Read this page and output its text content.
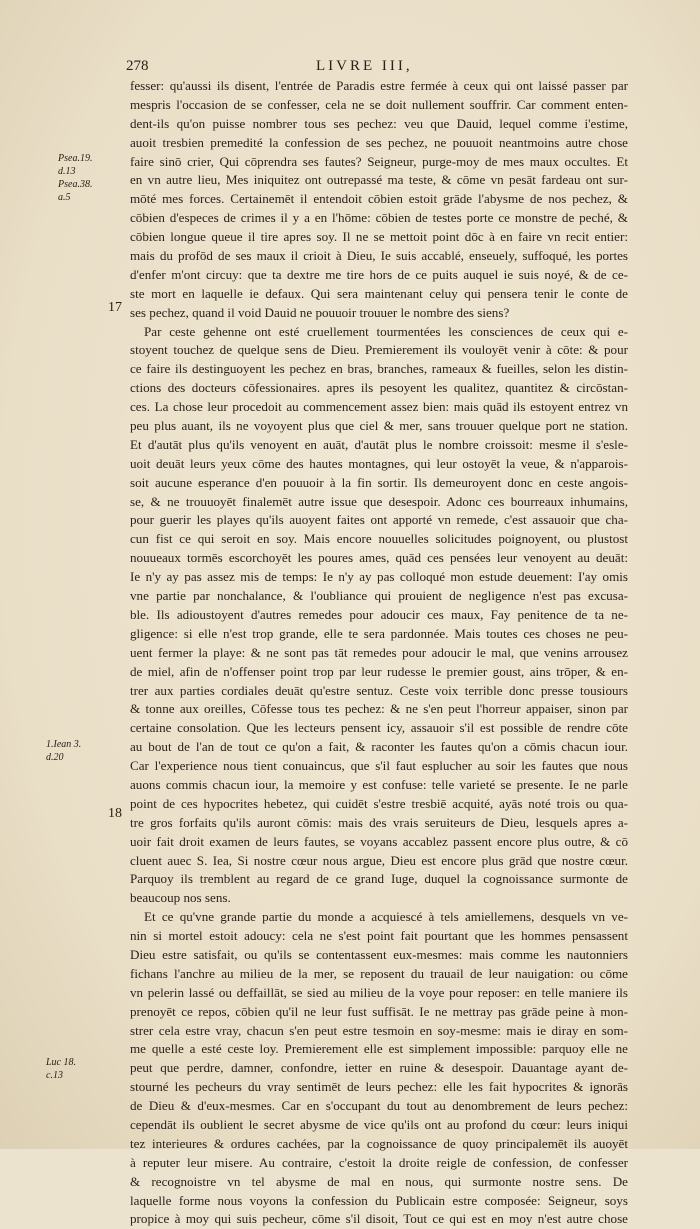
278	LIVRE III,
Psea.19.
d.13
Psea.38.
a.5
1.Iean 3.
d.20
Luc 18.
c.13
17
18
fesser: qu'aussi ils disent, l'entrée de Paradis estre fermée à ceux qui ont laissé passer par
mespris l'occasion de se confesser, cela ne se doit nullement souffrir. Car comment enten-
dent-ils qu'on puisse nombrer tous ses pechez: veu que Dauid, lequel comme i'estime,
auoit tresbien premedité la confession de ses pechez, ne pouuoit neantmoins autre chose
faire sinō crier, Qui cōprendra ses fautes? Seigneur, purge-moy de mes maux occultes. Et
en vn autre lieu, Mes iniquitez ont outrepassé ma teste, & cōme vn pesāt fardeau ont sur-
mōté mes forces. Certainemēt il entendoit cōbien estoit grāde l'abysme de nos pechez, &
cōbien d'especes de crimes il y a en l'hōme: cōbien de testes porte ce monstre de peché, &
cōbien longue queue il tire apres soy. Il ne se mettoit point dōc à en faire vn recit entier:
mais du profōd de ses maux il crioit à Dieu, Ie suis accablé, enseuely, suffoqué, les portes
d'enfer m'ont circuy: que ta dextre me tire hors de ce puits auquel ie suis noyé, & de ce-
ste mort en laquelle ie defaux. Qui sera maintenant celuy qui pensera tenir le conte de
ses pechez, quand il void Dauid ne pouuoir trouuer le nombre des siens?
Par ceste gehenne ont esté cruellement tourmentées les consciences de ceux qui e-
stoyent touchez de quelque sens de Dieu. Premierement ils vouloyēt venir à cōte: & pour
ce faire ils destinguoyent les pechez en bras, branches, rameaux & fueilles, selon les distin-
ctions des docteurs cōfessionaires. apres ils pesoyent les qualitez, quantitez & circōstan-
ces. La chose leur procedoit au commencement assez bien: mais quād ils estoyent entrez vn
peu plus auant, ils ne voyoyent plus que ciel & mer, sans trouuer quelque port ne station.
Et d'autāt plus qu'ils venoyent en auāt, d'autāt plus le nombre croissoit: mesme il s'esle-
uoit deuāt leurs yeux cōme des hautes montagnes, qui leur ostoyēt la veue, & n'apparois-
soit aucune esperance d'en pouuoir à la fin sortir. Ils demeuroyent donc en ceste angois-
se, & ne trouuoyēt finalemēt autre issue que desespoir. Adonc ces bourreaux inhumains,
pour guerir les playes qu'ils auoyent faites ont apporté vn remede, c'est assauoir que cha-
cun fist ce qui seroit en soy. Mais encore nouuelles solicitudes poignoyent, ou plustost
nouueaux tormēs escorchoyēt les poures ames, quād ces pensées leur venoyent au deuāt:
Ie n'y ay pas assez mis de temps: Ie n'y ay pas colloqué mon estude deuement: I'ay omis
vne partie par nonchalance, & l'oubliance qui prouient de negligence n'est pas excusa-
ble. Ils adioustoyent d'autres remedes pour adoucir ces maux, Fay penitence de ta ne-
gligence: si elle n'est trop grande, elle te sera pardonnée. Mais toutes ces choses ne peu-
uent fermer la playe: & ne sont pas tāt remedes pour adoucir le mal, que venins arrousez
de miel, afin de n'offenser point trop par leur rudesse le premier goust, ains trōper, & en-
trer aux parties cordiales deuāt qu'estre sentuz. Ceste voix terrible donc presse tousiours
& tonne aux oreilles, Cōfesse tous tes pechez: & ne s'en peut l'horreur appaiser, sinon par
certaine consolation. Que les lecteurs pensent icy, assauoir s'il est possible de rendre cōte
au bout de l'an de tout ce qu'on a fait, & raconter les fautes qu'on a cōmis chacun iour.
Car l'experience nous tient conuaincus, que s'il faut esplucher au soir les fautes que nous
auons commis chacun iour, la memoire y est confuse: telle varieté se presente. Ie ne parle
point de ces hypocrites hebetez, qui cuidēt s'estre tresbiē acquité, ayās noté trois ou qua-
tre gros forfaits qu'ils auront cōmis: mais des vrais seruiteurs de Dieu, lesquels apres a-
uoir fait droit examen de leurs fautes, se voyans accablez passent encore plus outre, & cō
cluent auec S. Iea, Si nostre cœur nous argue, Dieu est encore plus grād que nostre cœur.
Parquoy ils tremblent au regard de ce grand Iuge, duquel la cognoissance surmonte de
beaucoup nos sens.
Et ce qu'vne grande partie du monde a acquiescé à tels amiellemens, desquels vn ve-
nin si mortel estoit adoucy: cela ne s'est point fait pourtant que les hommes pensassent
Dieu estre satisfait, ou qu'ils se contentassent eux-mesmes: mais comme les nautonniers
fichans l'anchre au milieu de la mer, se reposent du trauail de leur nauigation: ou cōme
vn pelerin lassé ou deffaillāt, se sied au milieu de la voye pour reposer: en telle maniere ils
prenoyēt ce repos, cōbien qu'il ne leur fust suffisāt. Ie ne mettray pas grāde peine à mon-
strer cela estre vray, chacun s'en peut estre tesmoin en soy-mesme: mais ie diray en som-
me quelle a esté ceste loy. Premierement elle est simplement impossible: parquoy elle ne
peut que perdre, damner, confondre, ietter en ruine & desespoir. Dauantage ayant de-
stourné les pecheurs du vray sentimēt de leurs pechez: elle les fait hypocrites & ignorās
de Dieu & d'eux-mesmes. Car en s'occupant du tout au denombrement de leurs pechez:
cependāt ils oublient le secret abysme de vice qu'ils ont au profond du cœur: leurs iniqui
tez interieures & ordures cachées, par la cognoissance de quoy principalemēt ils auoyēt
à reputer leur misere. Au contraire, c'estoit la droite reigle de confession, de confesser
& recognoistre vn tel abysme de mal en nous, qui surmonte nostre sens. De
laquelle forme nous voyons la confession du Publicain estre composée: Seigneur, soys
propice à moy qui suis pecheur, cōme s'il disoit, Tout ce qui est en moy n'est autre chose
